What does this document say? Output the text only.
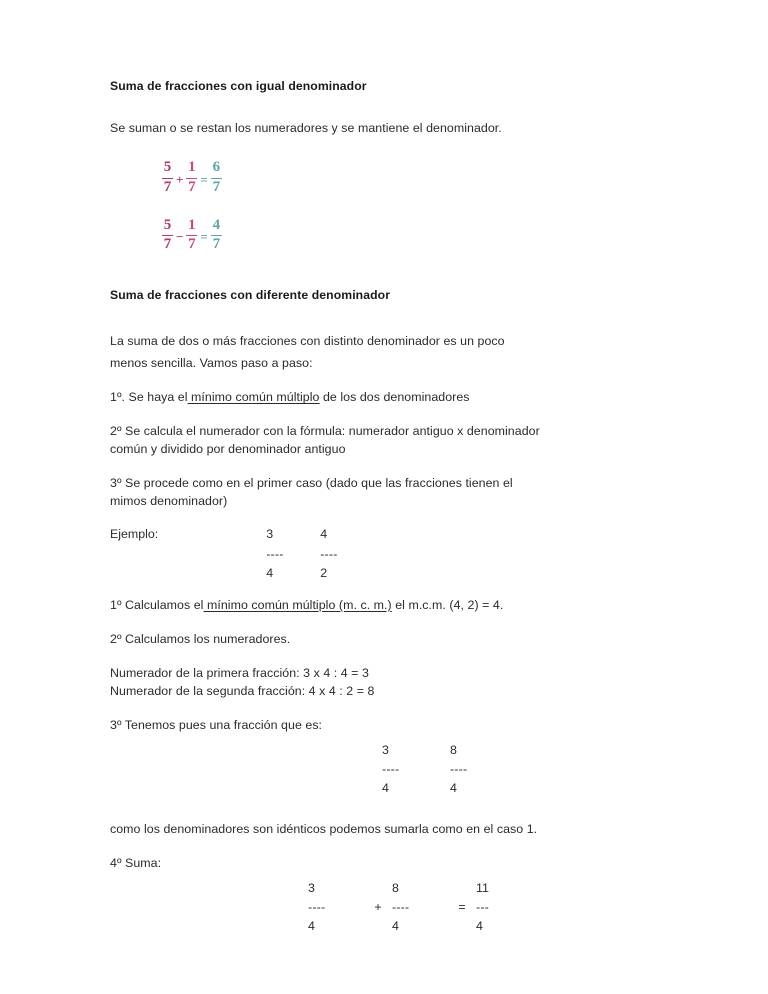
Suma de fracciones con igual denominador

Se suman o se restan los numeradores y se mantiene el denominador.

$\frac{5}{7} + \frac{1}{7} = \frac{6}{7}$
$\frac{5}{7} - \frac{1}{7} = \frac{4}{7}$
Suma de fracciones con diferente denominador

La suma de dos o más fracciones con distinto denominador es un poco
menos sencilla. Vamos paso a paso:

1º. Se haya el mínimo común múltiplo de los dos denominadores

2º Se calcula el numerador con la fórmula: numerador antiguo x denominador
común y dividido por denominador antiguo

3º Se procede como en el primer caso (dado que las fracciones tienen el
mimos denominador)

Ejemplo:	3
----
4
4
----
2

1º Calculamos el mínimo común múltiplo (m. c. m.) el m.c.m. (4, 2) = 4.

2º Calculamos los numeradores.

Numerador de la primera fracción: 3 x 4 : 4 = 3
Numerador de la segunda fracción: 4 x 4 : 2 = 8

3º Tenemos pues una fracción que es:

3
----
4
8
----
4

como los denominadores son idénticos podemos sumarla como en el caso 1.

4º Suma:

3
----
4

+

8
----
4

=

11
---
4
